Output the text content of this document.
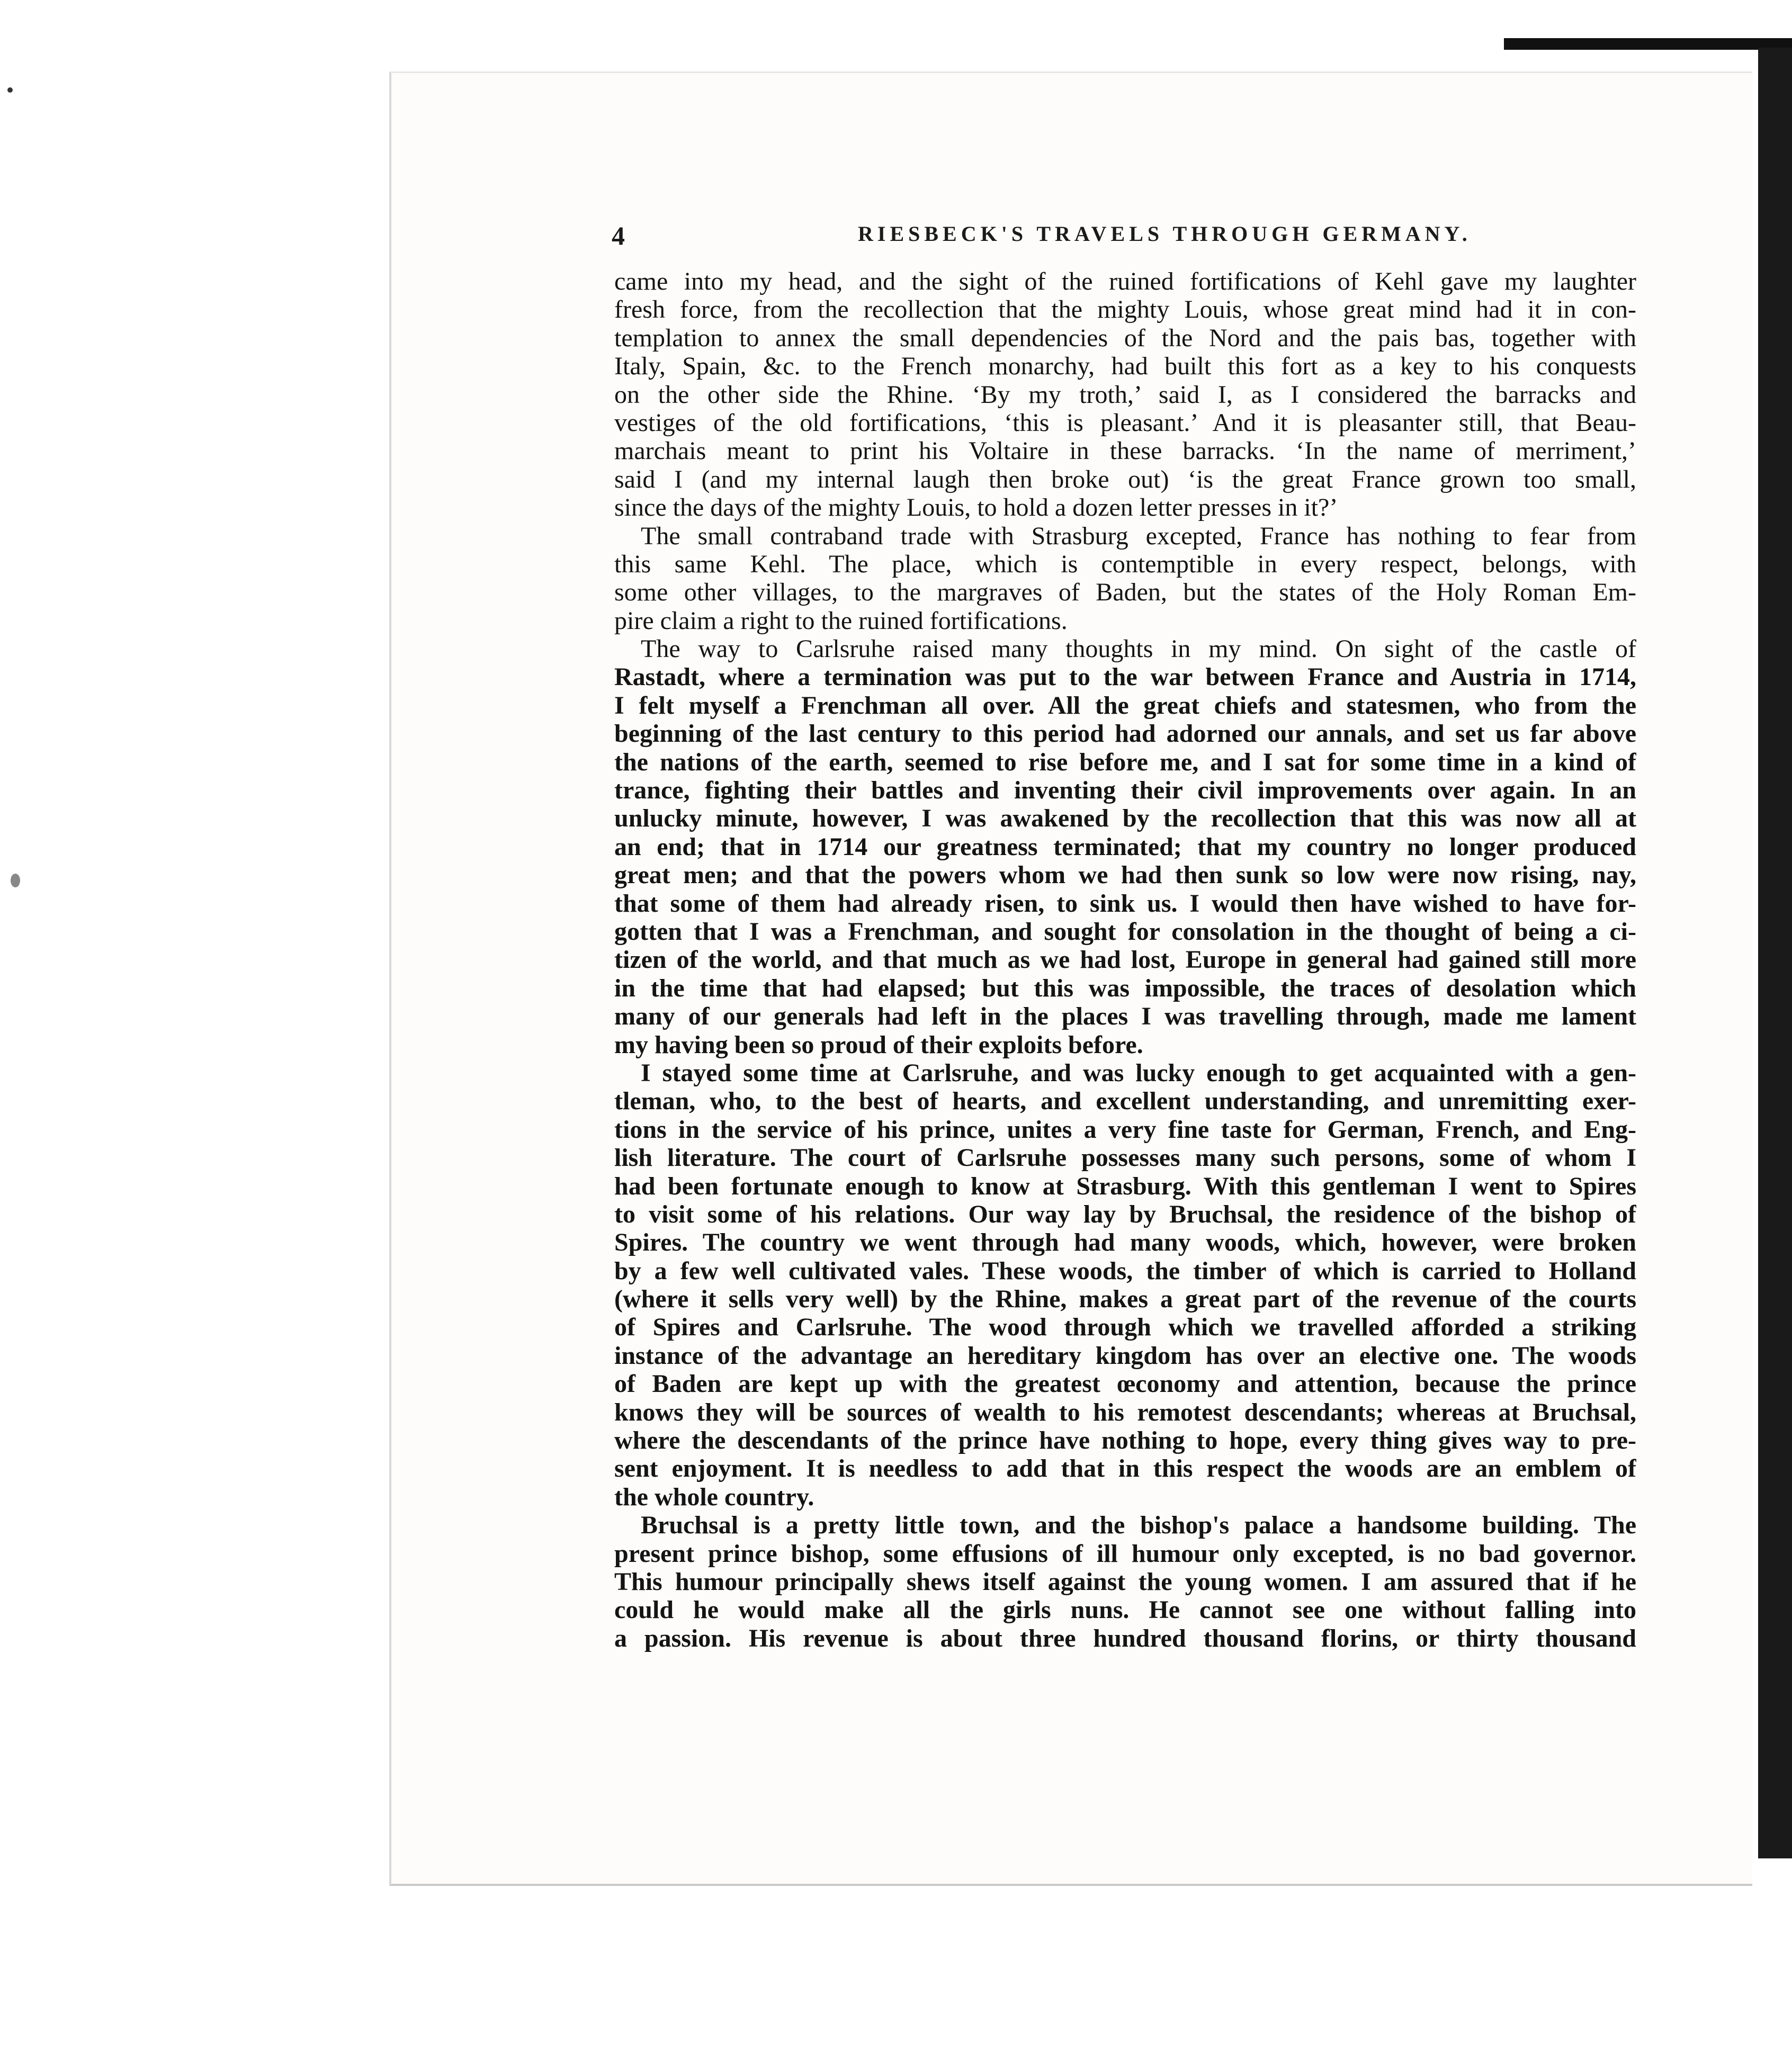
4	RIESBECK'S TRAVELS THROUGH GERMANY.
came into my head, and the sight of the ruined fortifications of Kehl gave my laughter
fresh force, from the recollection that the mighty Louis, whose great mind had it in con-
templation to annex the small dependencies of the Nord and the pais bas, together with
Italy, Spain, &c. to the French monarchy, had built this fort as a key to his conquests
on the other side the Rhine. ‘By my troth,’ said I, as I considered the barracks and
vestiges of the old fortifications, ‘this is pleasant.’ And it is pleasanter still, that Beau-
marchais meant to print his Voltaire in these barracks. ‘In the name of merriment,’
said I (and my internal laugh then broke out) ‘is the great France grown too small,
since the days of the mighty Louis, to hold a dozen letter presses in it?’
The small contraband trade with Strasburg excepted, France has nothing to fear from
this same Kehl. The place, which is contemptible in every respect, belongs, with
some other villages, to the margraves of Baden, but the states of the Holy Roman Em-
pire claim a right to the ruined fortifications.
The way to Carlsruhe raised many thoughts in my mind. On sight of the castle of
Rastadt, where a termination was put to the war between France and Austria in 1714,
I felt myself a Frenchman all over. All the great chiefs and statesmen, who from the
beginning of the last century to this period had adorned our annals, and set us far above
the nations of the earth, seemed to rise before me, and I sat for some time in a kind of
trance, fighting their battles and inventing their civil improvements over again. In an
unlucky minute, however, I was awakened by the recollection that this was now all at
an end; that in 1714 our greatness terminated; that my country no longer produced
great men; and that the powers whom we had then sunk so low were now rising, nay,
that some of them had already risen, to sink us. I would then have wished to have for-
gotten that I was a Frenchman, and sought for consolation in the thought of being a ci-
tizen of the world, and that much as we had lost, Europe in general had gained still more
in the time that had elapsed; but this was impossible, the traces of desolation which
many of our generals had left in the places I was travelling through, made me lament
my having been so proud of their exploits before.
I stayed some time at Carlsruhe, and was lucky enough to get acquainted with a gen-
tleman, who, to the best of hearts, and excellent understanding, and unremitting exer-
tions in the service of his prince, unites a very fine taste for German, French, and Eng-
lish literature. The court of Carlsruhe possesses many such persons, some of whom I
had been fortunate enough to know at Strasburg. With this gentleman I went to Spires
to visit some of his relations. Our way lay by Bruchsal, the residence of the bishop of
Spires. The country we went through had many woods, which, however, were broken
by a few well cultivated vales. These woods, the timber of which is carried to Holland
(where it sells very well) by the Rhine, makes a great part of the revenue of the courts
of Spires and Carlsruhe. The wood through which we travelled afforded a striking
instance of the advantage an hereditary kingdom has over an elective one. The woods
of Baden are kept up with the greatest œconomy and attention, because the prince
knows they will be sources of wealth to his remotest descendants; whereas at Bruchsal,
where the descendants of the prince have nothing to hope, every thing gives way to pre-
sent enjoyment. It is needless to add that in this respect the woods are an emblem of
the whole country.
Bruchsal is a pretty little town, and the bishop's palace a handsome building. The
present prince bishop, some effusions of ill humour only excepted, is no bad governor.
This humour principally shews itself against the young women. I am assured that if he
could he would make all the girls nuns. He cannot see one without falling into
a passion. His revenue is about three hundred thousand florins, or thirty thousand
